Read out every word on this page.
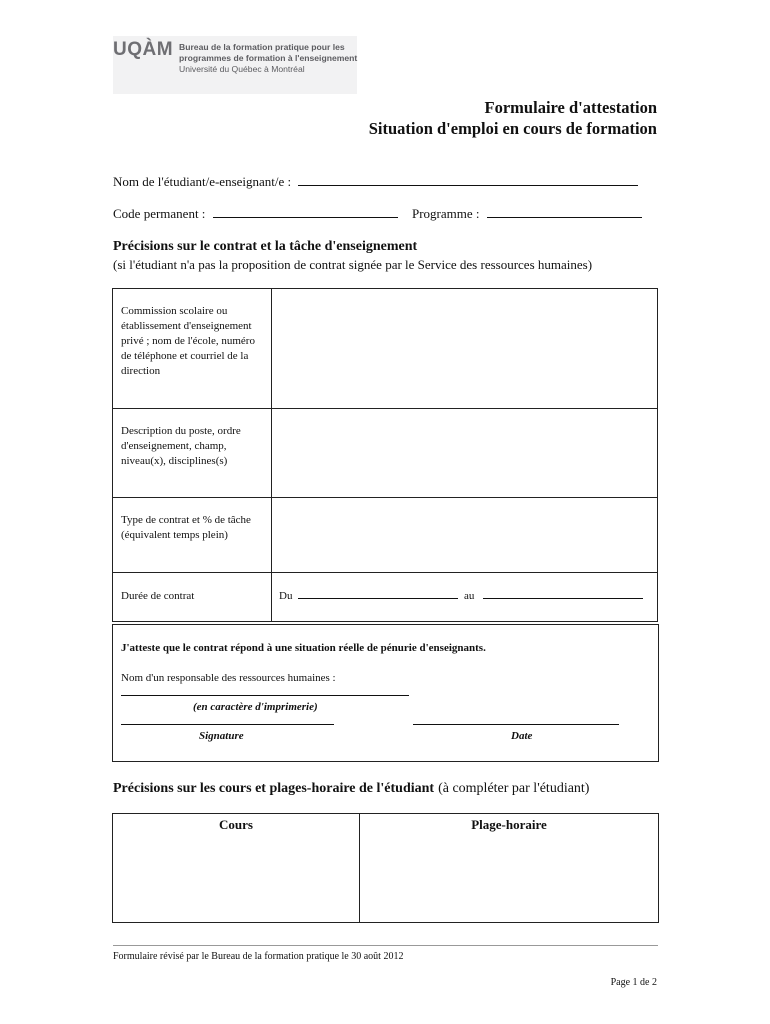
UQÀM Bureau de la formation pratique pour les
programmes de formation à l'enseignement
Université du Québec à Montréal
Formulaire d'attestation
Situation d'emploi en cours de formation
Nom de l'étudiant/e-enseignant/e :
Code permanent :	Programme :
Précisions sur le contrat et la tâche d'enseignement
(si l'étudiant n'a pas la proposition de contrat signée par le Service des ressources humaines)
Commission scolaire ou établissement d'enseignement privé ; nom de l'école, numéro de téléphone et courriel de la direction
Description du poste, ordre d'enseignement, champ, niveau(x), disciplines(s)
Type de contrat et % de tâche (équivalent temps plein)
Durée de contrat	Du	au
J'atteste que le contrat répond à une situation réelle de pénurie d'enseignants.
Nom d'un responsable des ressources humaines :
(en caractère d'imprimerie)
Signature	Date
Précisions sur les cours et plages-horaire de l'étudiant (à compléter par l'étudiant)
Cours	Plage-horaire
Formulaire révisé par le Bureau de la formation pratique le 30 août 2012
Page 1 de 2
